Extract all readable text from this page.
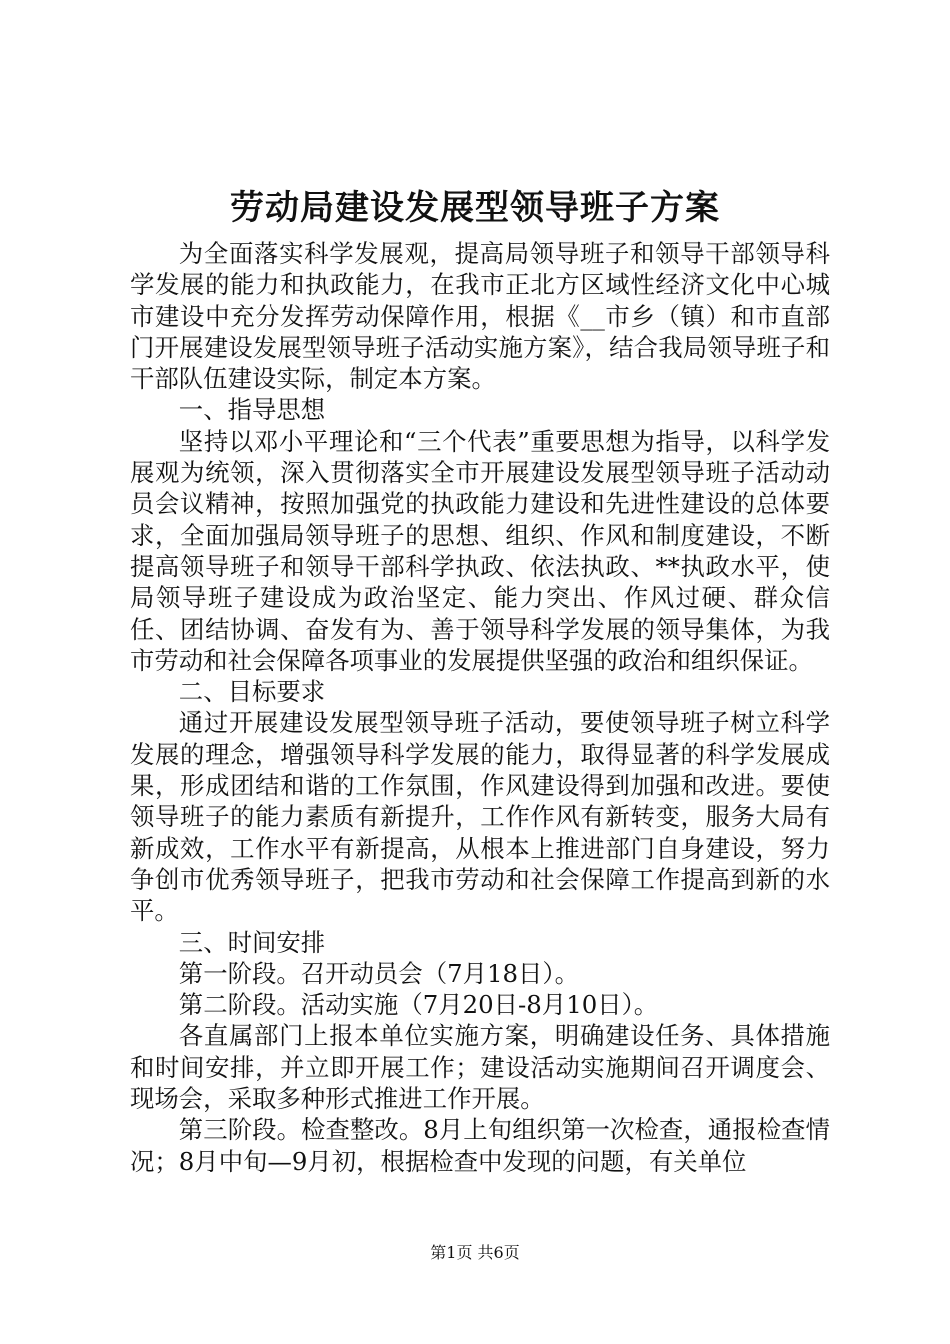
劳动局建设发展型领导班子方案

为全面落实科学发展观，提高局领导班子和领导干部领导科学发展的能力和执政能力，在我市正北方区域性经济文化中心城市建设中充分发挥劳动保障作用，根据《__市乡（镇）和市直部门开展建设发展型领导班子活动实施方案》，结合我局领导班子和干部队伍建设实际，制定本方案。

一、指导思想

坚持以邓小平理论和“三个代表”重要思想为指导，以科学发展观为统领，深入贯彻落实全市开展建设发展型领导班子活动动员会议精神，按照加强党的执政能力建设和先进性建设的总体要求，全面加强局领导班子的思想、组织、作风和制度建设，不断提高领导班子和领导干部科学执政、依法执政、**执政水平，使局领导班子建设成为政治坚定、能力突出、作风过硬、群众信任、团结协调、奋发有为、善于领导科学发展的领导集体，为我市劳动和社会保障各项事业的发展提供坚强的政治和组织保证。

二、目标要求

通过开展建设发展型领导班子活动，要使领导班子树立科学发展的理念，增强领导科学发展的能力，取得显著的科学发展成果，形成团结和谐的工作氛围，作风建设得到加强和改进。要使领导班子的能力素质有新提升，工作作风有新转变，服务大局有新成效，工作水平有新提高，从根本上推进部门自身建设，努力争创市优秀领导班子，把我市劳动和社会保障工作提高到新的水平。

三、时间安排

第一阶段。召开动员会（7月18日）。

第二阶段。活动实施（7月20日-8月10日）。

各直属部门上报本单位实施方案，明确建设任务、具体措施和时间安排，并立即开展工作；建设活动实施期间召开调度会、现场会，采取多种形式推进工作开展。

第三阶段。检查整改。8月上旬组织第一次检查，通报检查情况；8月中旬—9月初，根据检查中发现的问题，有关单位

第1页 共6页
